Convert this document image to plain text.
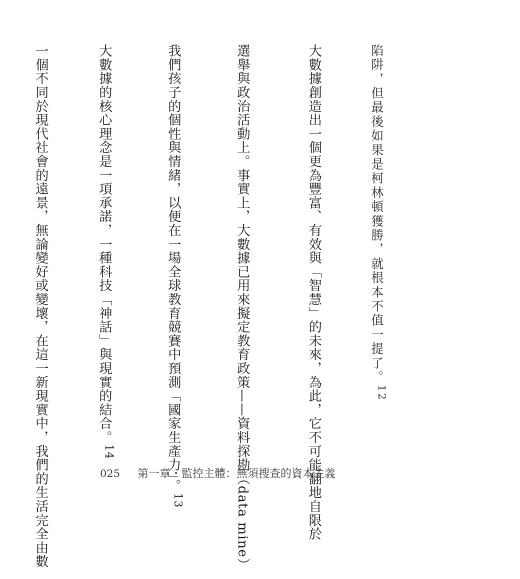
陷阱，但最後如果是柯林頓獲勝，就根本不值一提了。$^{12}$

大數據創造出一個更為豐富、有效與「智慧」的未來，為此，它不可能翻地自限於

選舉與政治活動上。事實上，大數據已用來擬定教育政策——資料探勘（data mine）

我們孩子的個性與情緒，以便在一場全球教育競賽中預測「國家生產力」。$^{13}$

大數據的核心理念是一項承諾，一種科技「神話」與現實的結合。$^{14}$

一個不同於現代社會的遠景，無論變好或變壞，在這一新現實中，我們的生活完全由數

	025 第一章・監控主體：無須搜查的資本主義
